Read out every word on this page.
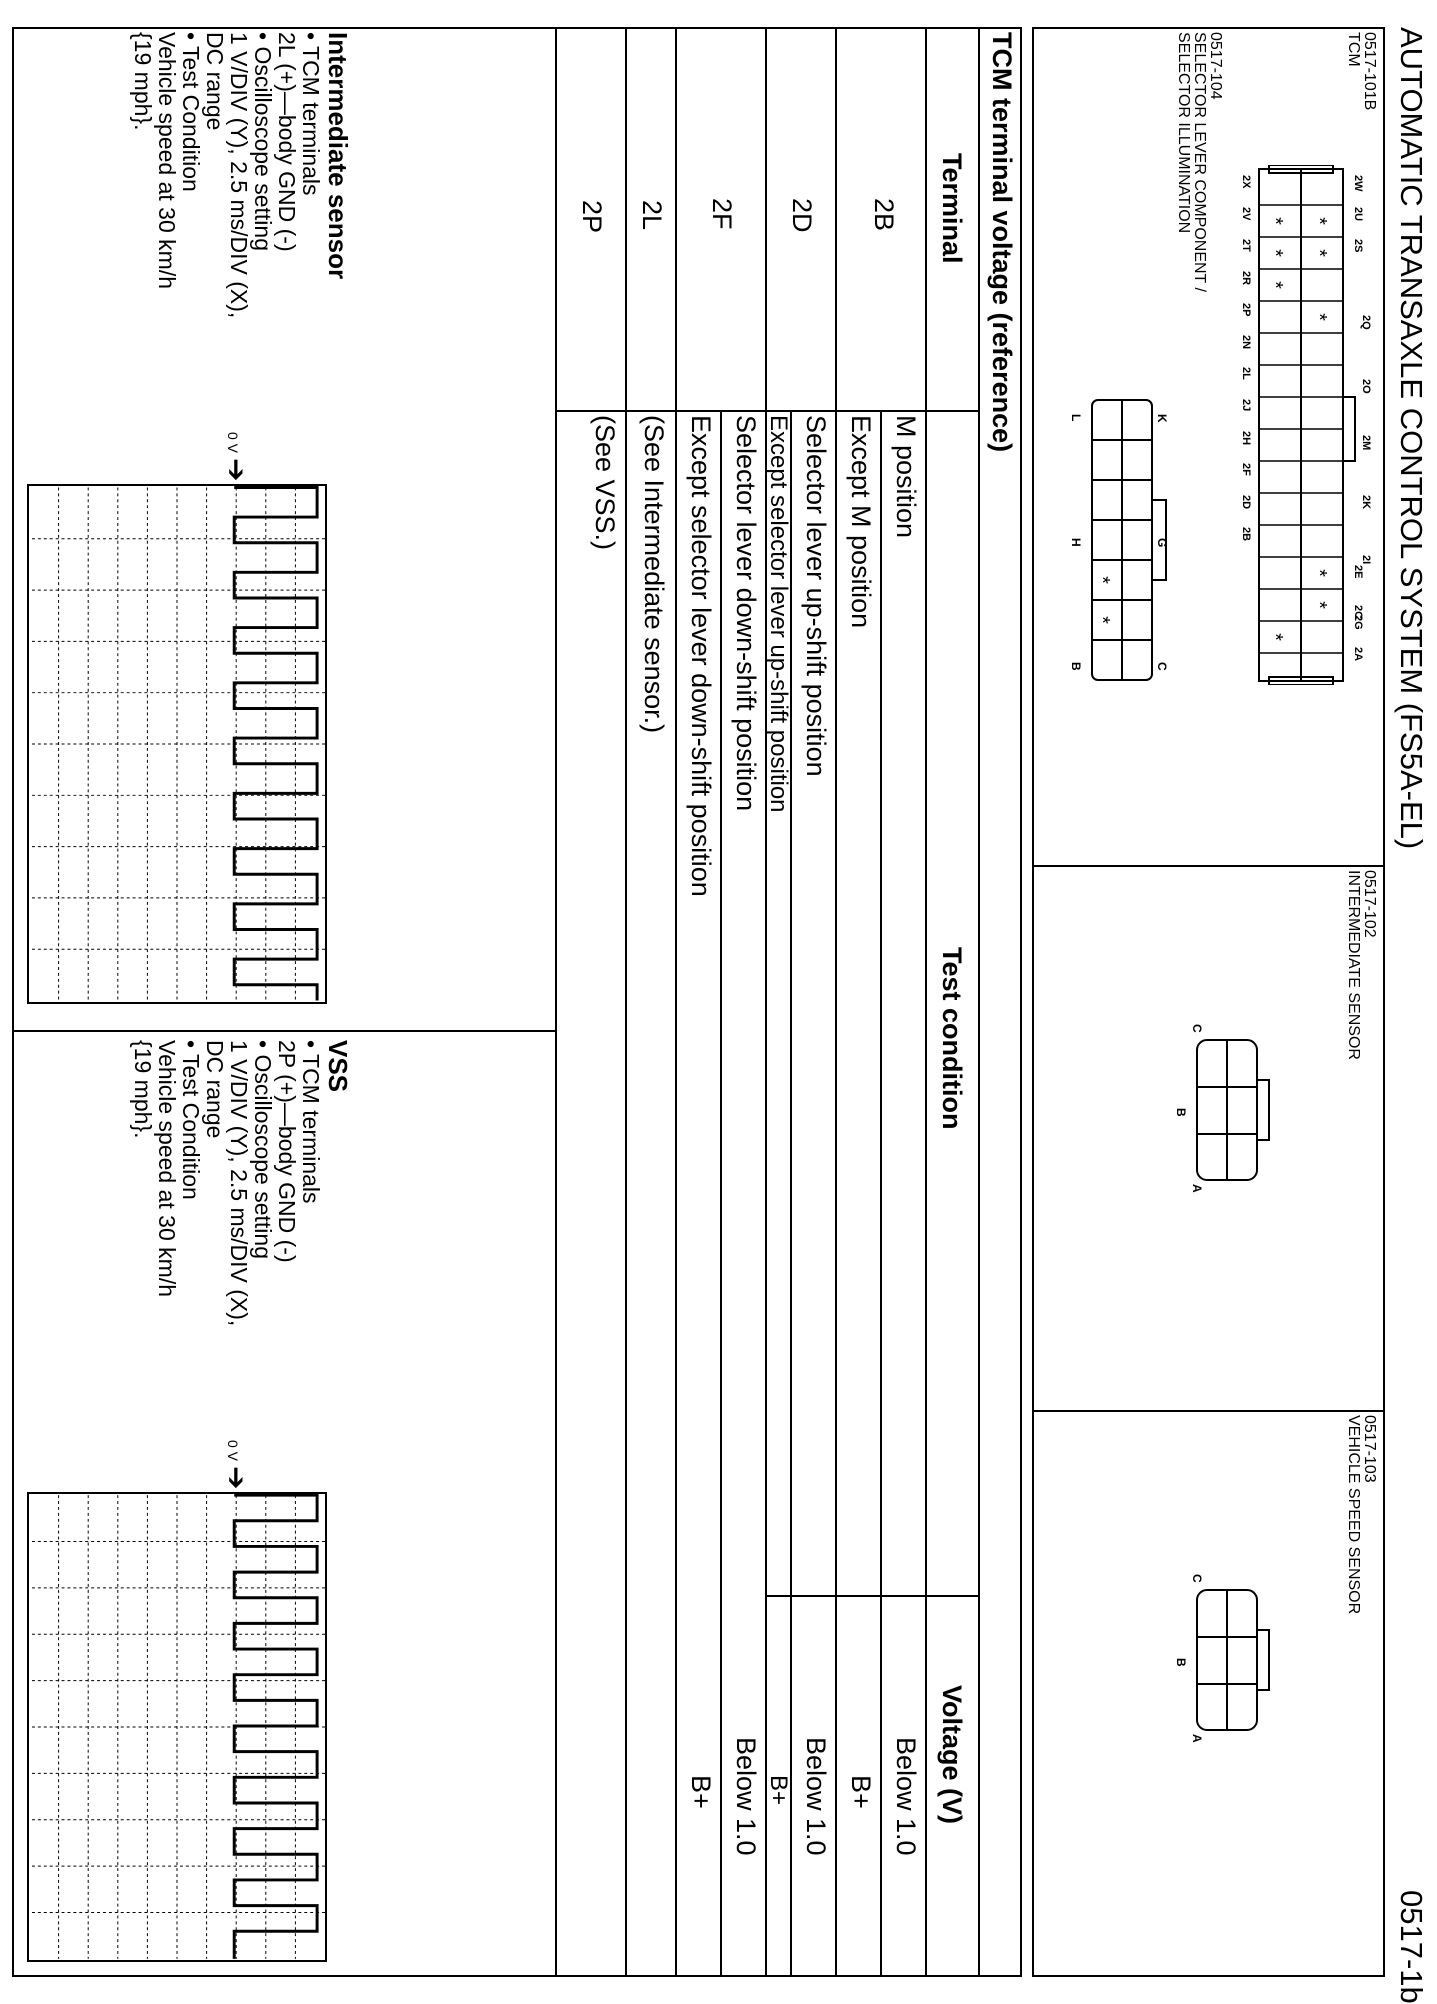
AUTOMATIC TRANSAXLE CONTROL SYSTEM (FS5A-EL)
0517-1b
0517-101B
TCM
0517-104
SELECTOR LEVER COMPONENT /
SELECTOR ILLUMINATION	2W
2U
2S
2Q
2O
2M
2K
2I
2G
2X
2V
2T
2R
2P
2N
2L
2J
2H
2F
2D
2B
2E
2C
2A
*
*
*
*
*
*
*
*
*
K
G
C
L
H
B
*
*
0517-102
INTERMEDIATE SENSOR
C
B
A
0517-103
VEHICLE SPEED SENSOR
C
B
A
TCM terminal voltage (reference)
Terminal
Test condition
Voltage (V)
2B
M position
Below 1.0
Except M position
B+
2D
Selector lever up-shift position
Below 1.0
Except selector lever up-shift position
B+
2F
Selector lever down-shift position
Below 1.0
Except selector lever down-shift position
B+
2L
(See Intermediate sensor.)
2P
(See VSS.)
Intermediate sensor
• TCM terminals
2L (+)—body GND (-)
• Oscilloscope setting
1 V/DIV (Y), 2.5 ms/DIV (X),
DC range
• Test Condition
Vehicle speed at 30 km/h
{19 mph}.
0 V
➔
VSS
• TCM terminals
2P (+)—body GND (-)
• Oscilloscope setting
1 V/DIV (Y), 2.5 ms/DIV (X),
DC range
• Test Condition
Vehicle speed at 30 km/h
{19 mph}.
0 V
➔
